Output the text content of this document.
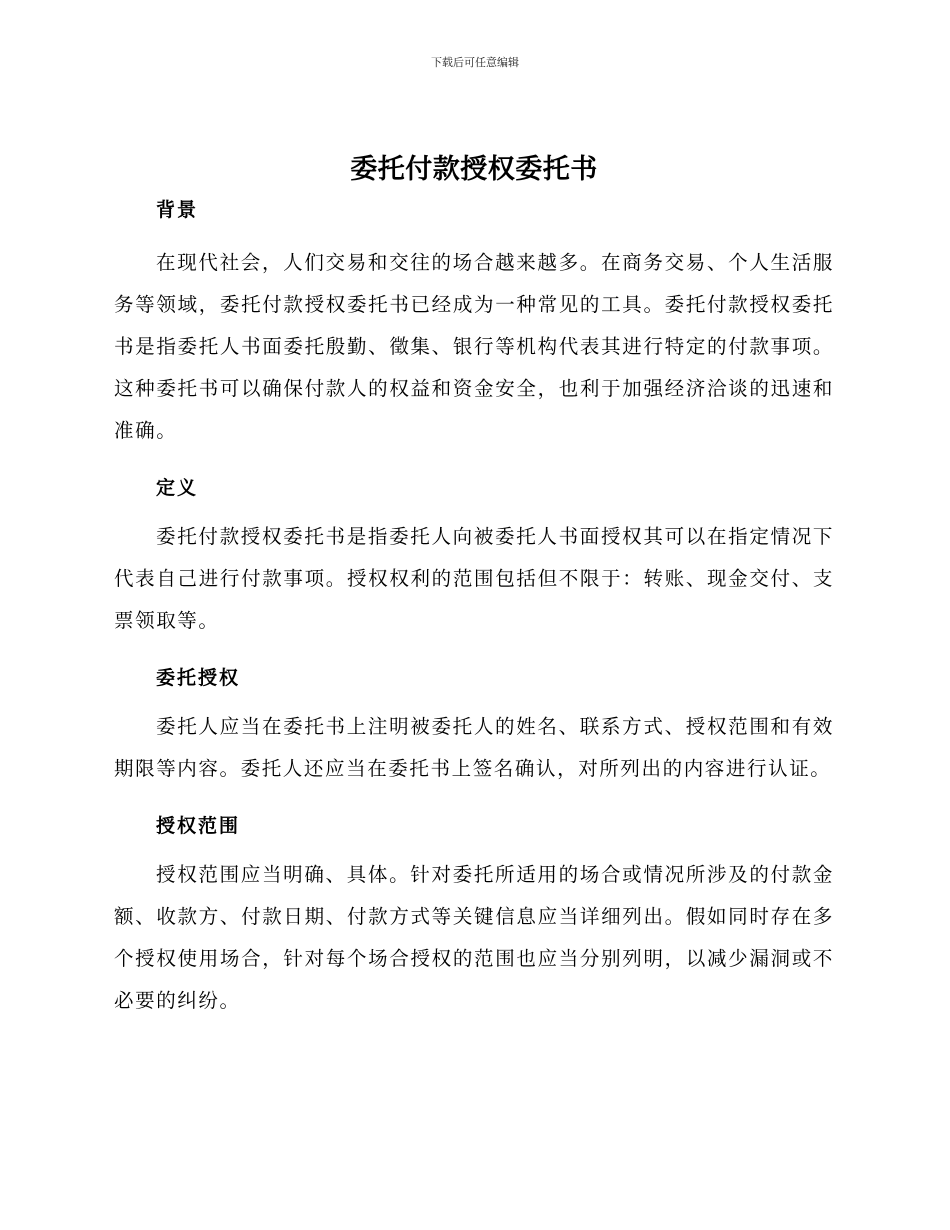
下载后可任意编辑
委托付款授权委托书
背景

在现代社会，人们交易和交往的场合越来越多。在商务交易、个人生活服务等领域，委托付款授权委托书已经成为一种常见的工具。委托付款授权委托书是指委托人书面委托殷勤、徵集、银行等机构代表其进行特定的付款事项。这种委托书可以确保付款人的权益和资金安全，也利于加强经济洽谈的迅速和准确。

定义

委托付款授权委托书是指委托人向被委托人书面授权其可以在指定情况下代表自己进行付款事项。授权权利的范围包括但不限于：转账、现金交付、支票领取等。

委托授权

委托人应当在委托书上注明被委托人的姓名、联系方式、授权范围和有效期限等内容。委托人还应当在委托书上签名确认，对所列出的内容进行认证。

授权范围

授权范围应当明确、具体。针对委托所适用的场合或情况所涉及的付款金额、收款方、付款日期、付款方式等关键信息应当详细列出。假如同时存在多个授权使用场合，针对每个场合授权的范围也应当分别列明，以减少漏洞或不必要的纠纷。
